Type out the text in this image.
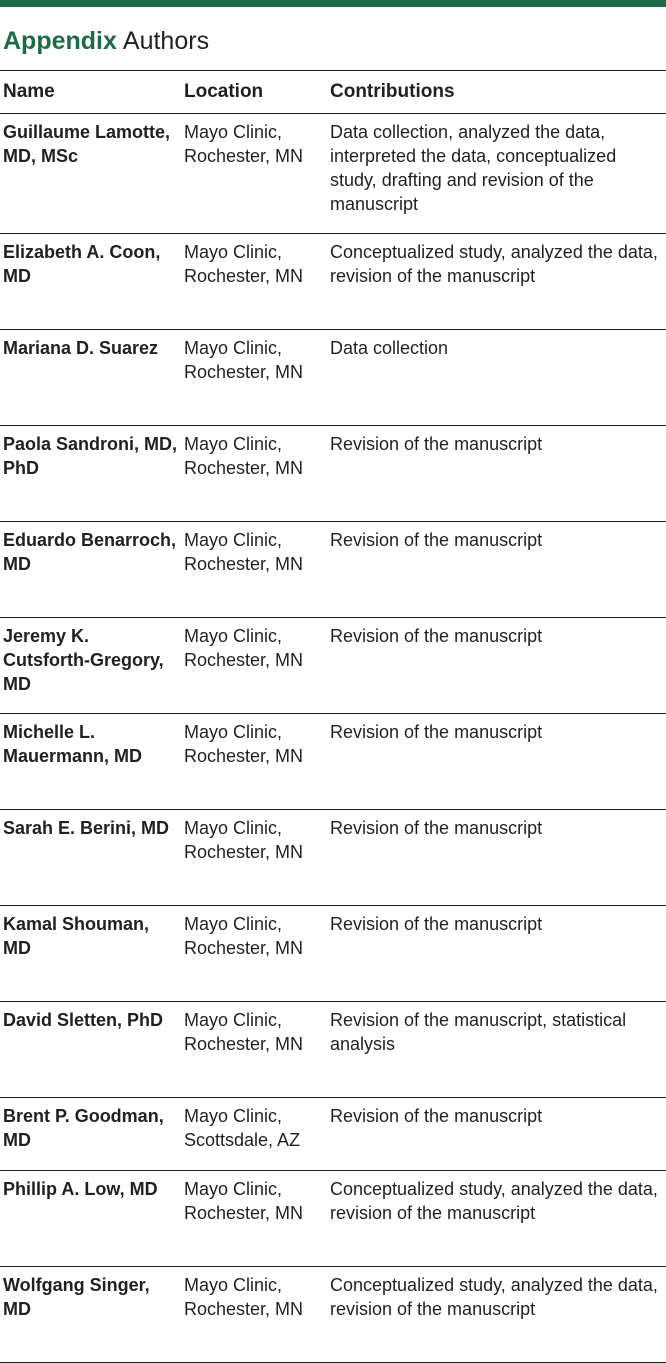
Appendix Authors
Name	Location	Contributions
Guillaume Lamotte, MD, MSc	Mayo Clinic, Rochester, MN	Data collection, analyzed the data, interpreted the data, conceptualized study, drafting and revision of the manuscript
Elizabeth A. Coon, MD	Mayo Clinic, Rochester, MN	Conceptualized study, analyzed the data, revision of the manuscript
Mariana D. Suarez	Mayo Clinic, Rochester, MN	Data collection
Paola Sandroni, MD, PhD	Mayo Clinic, Rochester, MN	Revision of the manuscript
Eduardo Benarroch, MD	Mayo Clinic, Rochester, MN	Revision of the manuscript
Jeremy K. Cutsforth-Gregory, MD	Mayo Clinic, Rochester, MN	Revision of the manuscript
Michelle L. Mauermann, MD	Mayo Clinic, Rochester, MN	Revision of the manuscript
Sarah E. Berini, MD	Mayo Clinic, Rochester, MN	Revision of the manuscript
Kamal Shouman, MD	Mayo Clinic, Rochester, MN	Revision of the manuscript
David Sletten, PhD	Mayo Clinic, Rochester, MN	Revision of the manuscript, statistical analysis
Brent P. Goodman, MD	Mayo Clinic, Scottsdale, AZ	Revision of the manuscript
Phillip A. Low, MD	Mayo Clinic, Rochester, MN	Conceptualized study, analyzed the data, revision of the manuscript
Wolfgang Singer, MD	Mayo Clinic, Rochester, MN	Conceptualized study, analyzed the data, revision of the manuscript
